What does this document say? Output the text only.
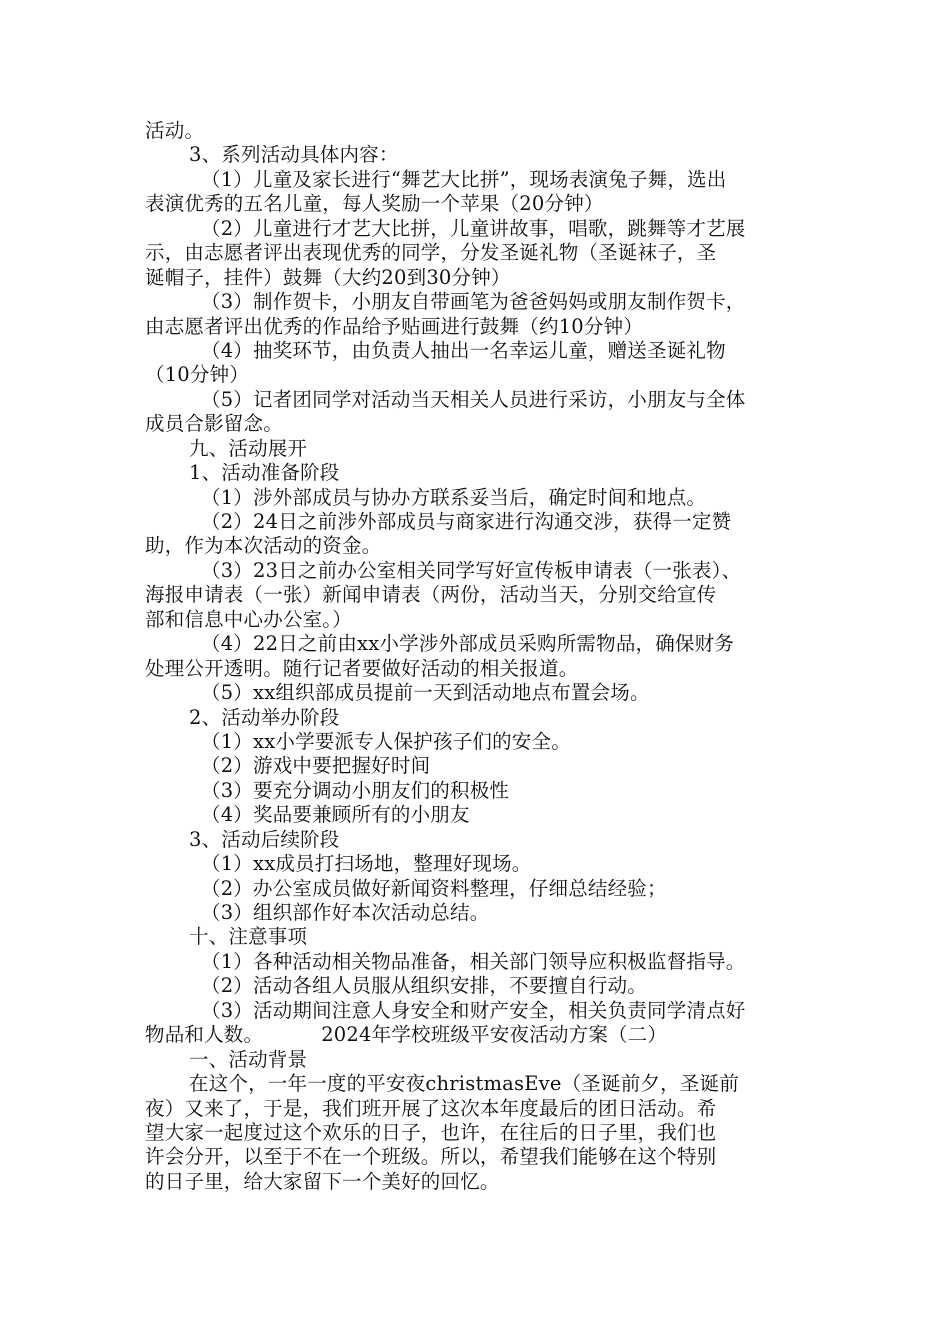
活动。
3、系列活动具体内容：
（1）儿童及家长进行“舞艺大比拼”，现场表演兔子舞，选出
表演优秀的五名儿童，每人奖励一个苹果（20分钟）
（2）儿童进行才艺大比拼，儿童讲故事，唱歌，跳舞等才艺展
示，由志愿者评出表现优秀的同学，分发圣诞礼物（圣诞袜子，圣
诞帽子，挂件）鼓舞（大约20到30分钟）
（3）制作贺卡，小朋友自带画笔为爸爸妈妈或朋友制作贺卡，
由志愿者评出优秀的作品给予贴画进行鼓舞（约10分钟）
（4）抽奖环节，由负责人抽出一名幸运儿童，赠送圣诞礼物
（10分钟）
（5）记者团同学对活动当天相关人员进行采访，小朋友与全体
成员合影留念。
九、活动展开
1、活动准备阶段
（1）涉外部成员与协办方联系妥当后，确定时间和地点。
（2）24日之前涉外部成员与商家进行沟通交涉，获得一定赞
助，作为本次活动的资金。
（3）23日之前办公室相关同学写好宣传板申请表（一张表）、
海报申请表（一张）新闻申请表（两份，活动当天，分别交给宣传
部和信息中心办公室。）
（4）22日之前由xx小学涉外部成员采购所需物品，确保财务
处理公开透明。随行记者要做好活动的相关报道。
（5）xx组织部成员提前一天到活动地点布置会场。
2、活动举办阶段
（1）xx小学要派专人保护孩子们的安全。
（2）游戏中要把握好时间
（3）要充分调动小朋友们的积极性
（4）奖品要兼顾所有的小朋友
3、活动后续阶段
（1）xx成员打扫场地，整理好现场。
（2）办公室成员做好新闻资料整理，仔细总结经验；
（3）组织部作好本次活动总结。
十、注意事项
（1）各种活动相关物品准备，相关部门领导应积极监督指导。
（2）活动各组人员服从组织安排，不要擅自行动。
（3）活动期间注意人身安全和财产安全，相关负责同学清点好
物品和人数。	2024年学校班级平安夜活动方案（二）
一、活动背景
在这个，一年一度的平安夜christmasEve（圣诞前夕，圣诞前
夜）又来了，于是，我们班开展了这次本年度最后的团日活动。希
望大家一起度过这个欢乐的日子，也许，在往后的日子里，我们也
许会分开，以至于不在一个班级。所以，希望我们能够在这个特别
的日子里，给大家留下一个美好的回忆。
